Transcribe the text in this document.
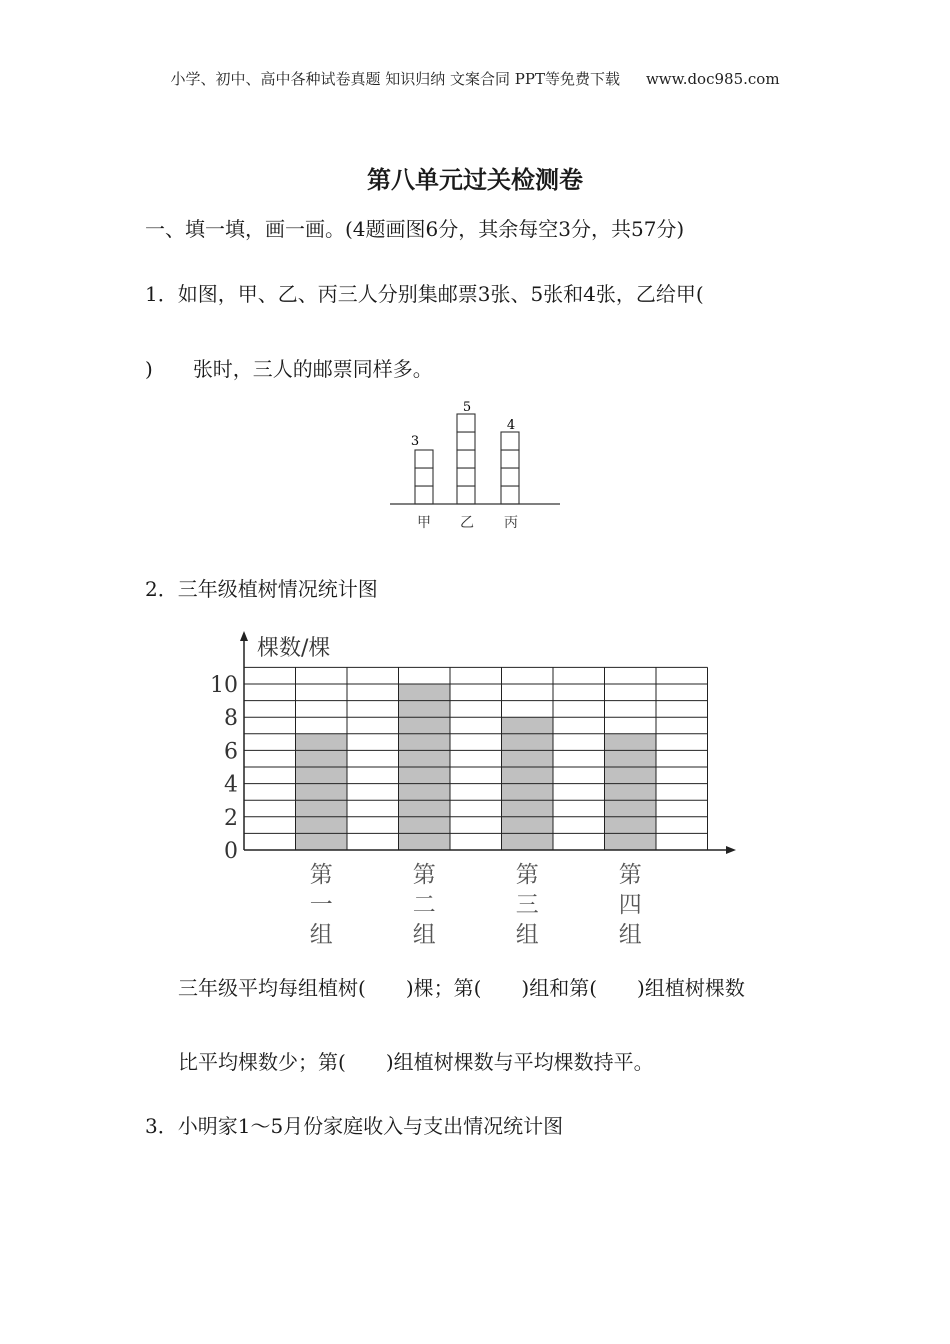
小学、初中、高中各种试卷真题 知识归纳 文案合同 PPT等免费下载 www.doc985.com
第八单元过关检测卷
一、填一填，画一画。(4题画图6分，其余每空3分，共57分)
1．如图，甲、乙、丙三人分别集邮票3张、5张和4张，乙给甲(
) 张时，三人的邮票同样多。
3
5
4
甲 乙 丙
2．三年级植树情况统计图
棵数/棵
0
2
4
6
8
10
第
一
组
第
二
组
第
三
组
第
四
组
三年级平均每组植树( )棵；第( )组和第( )组植树棵数
比平均棵数少；第( )组植树棵数与平均棵数持平。
3．小明家1～5月份家庭收入与支出情况统计图
